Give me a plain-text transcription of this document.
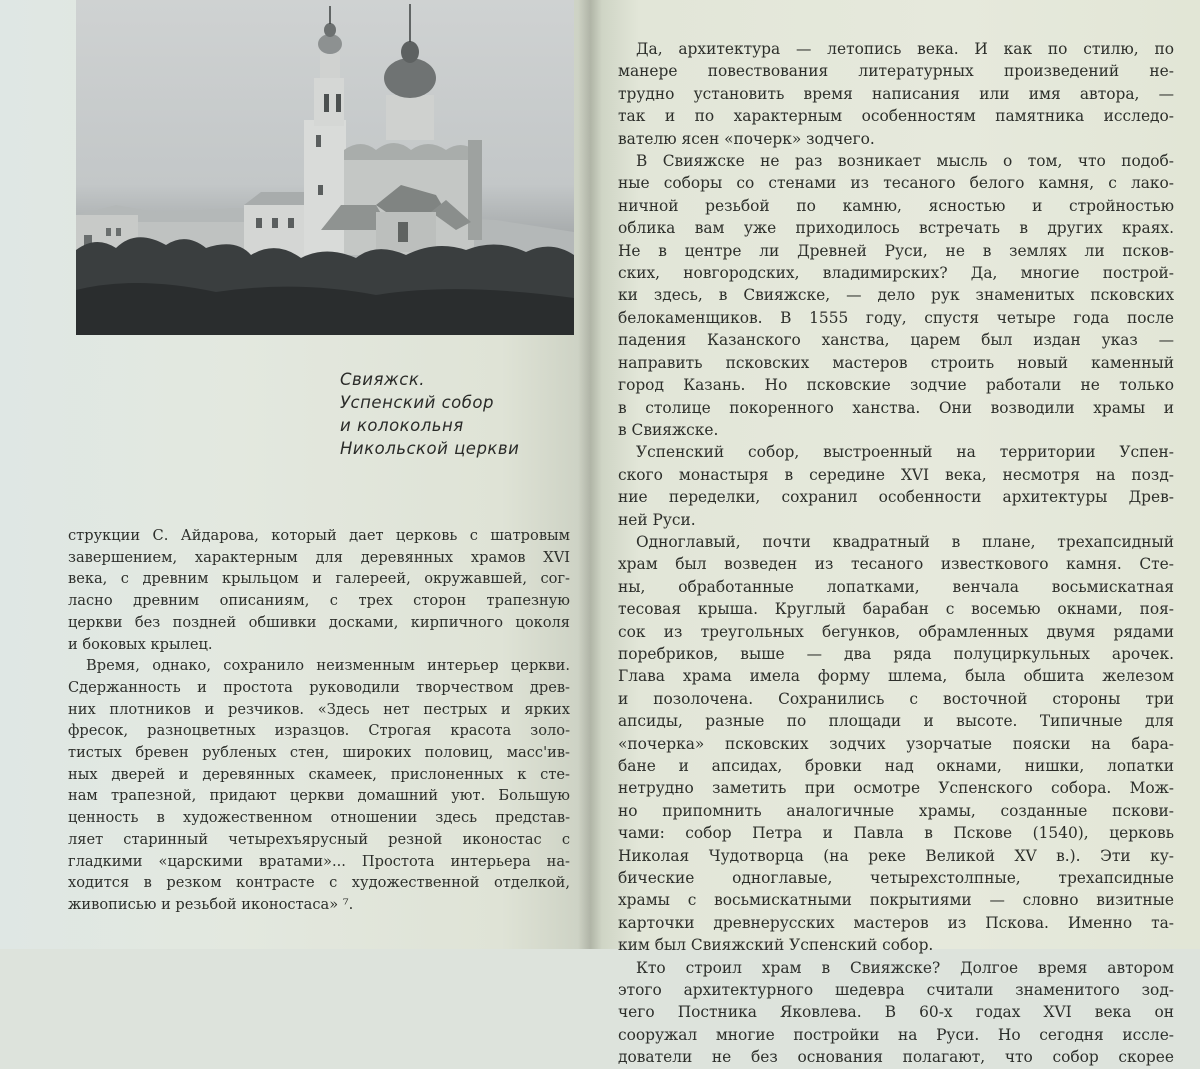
Свияжск.
Успенский собор
и колокольня
Никольской церкви
струкции С. Айдарова, который дает церковь с шатровым
завершением, характерным для деревянных храмов XVI
века, с древним крыльцом и галереей, окружавшей, сог-
ласно древним описаниям, с трех сторон трапезную
церкви без поздней обшивки досками, кирпичного цоколя
и боковых крылец.
Время, однако, сохранило неизменным интерьер церкви.
Сдержанность и простота руководили творчеством древ-
них плотников и резчиков. «Здесь нет пестрых и ярких
фресок, разноцветных изразцов. Строгая красота золо-
тистых бревен рубленых стен, широких половиц, масс'ив-
ных дверей и деревянных скамеек, прислоненных к сте-
нам трапезной, придают церкви домашний уют. Большую
ценность в художественном отношении здесь представ-
ляет старинный четырехъярусный резной иконостас с
гладкими «царскими вратами»... Простота интерьера на-
ходится в резком контрасте с художественной отделкой,
живописью и резьбой иконостаса» ⁷.
Да, архитектура — летопись века. И как по стилю, по
манере повествования литературных произведений не-
трудно установить время написания или имя автора, —
так и по характерным особенностям памятника исследо-
вателю ясен «почерк» зодчего.
В Свияжске не раз возникает мысль о том, что подоб-
ные соборы со стенами из тесаного белого камня, с лако-
ничной резьбой по камню, ясностью и стройностью
облика вам уже приходилось встречать в других краях.
Не в центре ли Древней Руси, не в землях ли псков-
ских, новгородских, владимирских? Да, многие построй-
ки здесь, в Свияжске, — дело рук знаменитых псковских
белокаменщиков. В 1555 году, спустя четыре года после
падения Казанского ханства, царем был издан указ —
направить псковских мастеров строить новый каменный
город Казань. Но псковские зодчие работали не только
в столице покоренного ханства. Они возводили храмы и
в Свияжске.
Успенский собор, выстроенный на территории Успен-
ского монастыря в середине XVI века, несмотря на позд-
ние переделки, сохранил особенности архитектуры Древ-
ней Руси.
Одноглавый, почти квадратный в плане, трехапсидный
храм был возведен из тесаного известкового камня. Сте-
ны, обработанные лопатками, венчала восьмискатная
тесовая крыша. Круглый барабан с восемью окнами, поя-
сок из треугольных бегунков, обрамленных двумя рядами
поребриков, выше — два ряда полуциркульных арочек.
Глава храма имела форму шлема, была обшита железом
и позолочена. Сохранились с восточной стороны три
апсиды, разные по площади и высоте. Типичные для
«почерка» псковских зодчих узорчатые пояски на бара-
бане и апсидах, бровки над окнами, нишки, лопатки
нетрудно заметить при осмотре Успенского собора. Мож-
но припомнить аналогичные храмы, созданные пскови-
чами: собор Петра и Павла в Пскове (1540), церковь
Николая Чудотворца (на реке Великой XV в.). Эти ку-
бические одноглавые, четырехстолпные, трехапсидные
храмы с восьмискатными покрытиями — словно визитные
карточки древнерусских мастеров из Пскова. Именно та-
ким был Свияжский Успенский собор.
Кто строил храм в Свияжске? Долгое время автором
этого архитектурного шедевра считали знаменитого зод-
чего Постника Яковлева. В 60-х годах XVI века он
сооружал многие постройки на Руси. Но сегодня иссле-
дователи не без основания полагают, что собор скорее
